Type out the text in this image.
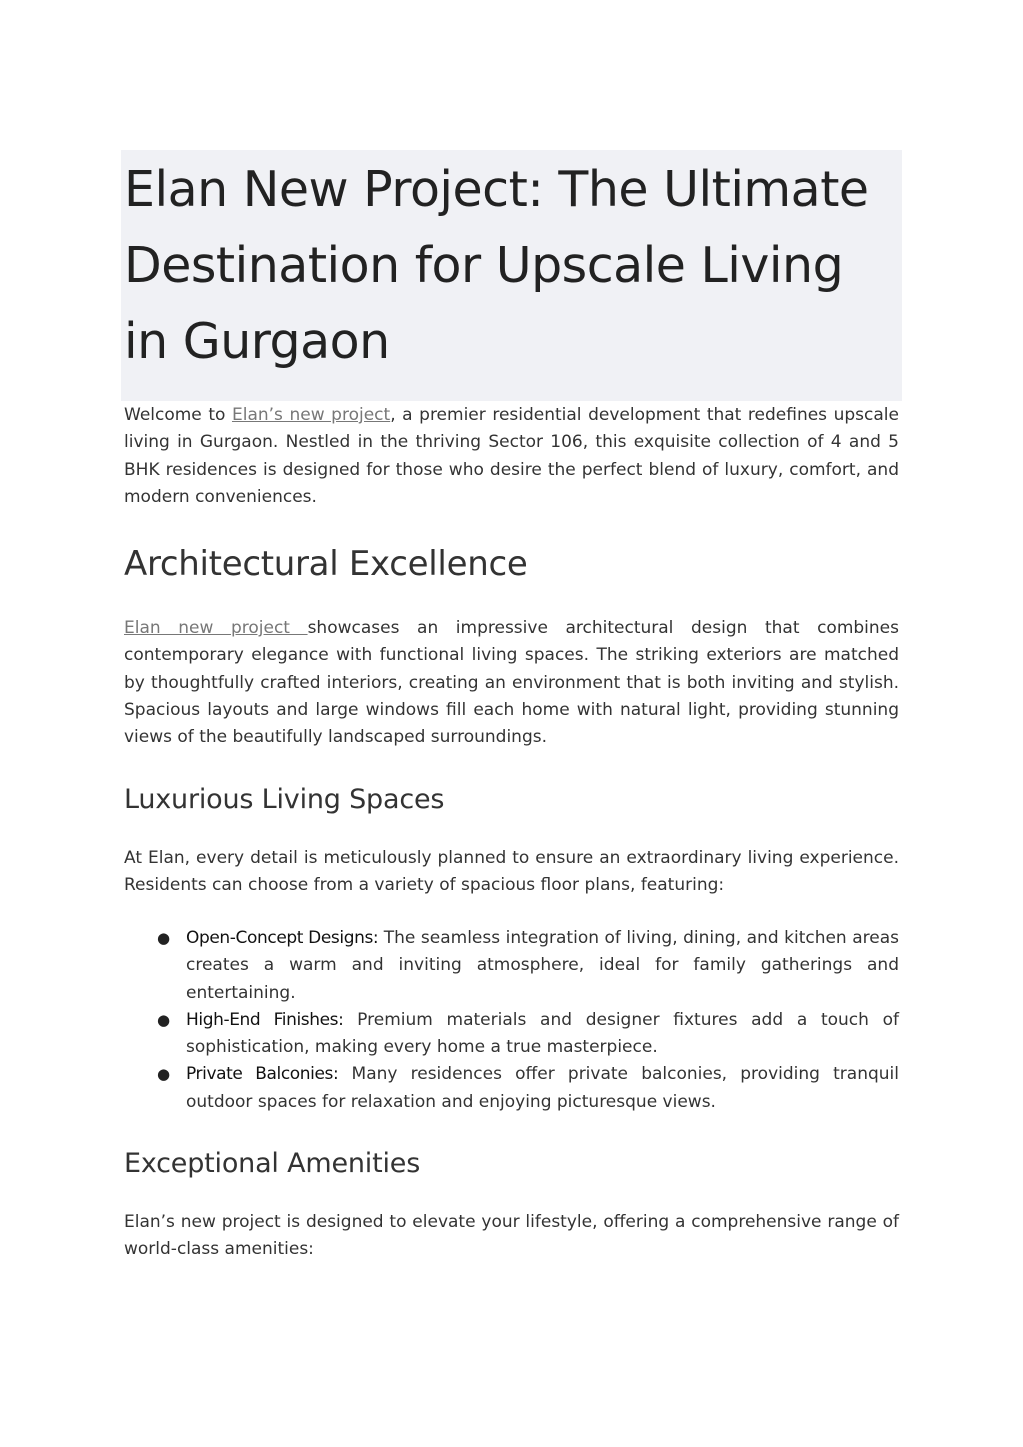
Elan New Project: The Ultimate Destination for Upscale Living in Gurgaon

Welcome to Elan’s new project, a premier residential development that redefines upscale living in Gurgaon. Nestled in the thriving Sector 106, this exquisite collection of 4 and 5 BHK residences is designed for those who desire the perfect blend of luxury, comfort, and modern conveniences.

Architectural Excellence

Elan new project showcases an impressive architectural design that combines contemporary elegance with functional living spaces. The striking exteriors are matched by thoughtfully crafted interiors, creating an environment that is both inviting and stylish. Spacious layouts and large windows fill each home with natural light, providing stunning views of the beautifully landscaped surroundings.

Luxurious Living Spaces

At Elan, every detail is meticulously planned to ensure an extraordinary living experience. Residents can choose from a variety of spacious floor plans, featuring:

● Open-Concept Designs: The seamless integration of living, dining, and kitchen areas creates a warm and inviting atmosphere, ideal for family gatherings and entertaining.
● High-End Finishes: Premium materials and designer fixtures add a touch of sophistication, making every home a true masterpiece.
● Private Balconies: Many residences offer private balconies, providing tranquil outdoor spaces for relaxation and enjoying picturesque views.
Exceptional Amenities

Elan’s new project is designed to elevate your lifestyle, offering a comprehensive range of world-class amenities:
